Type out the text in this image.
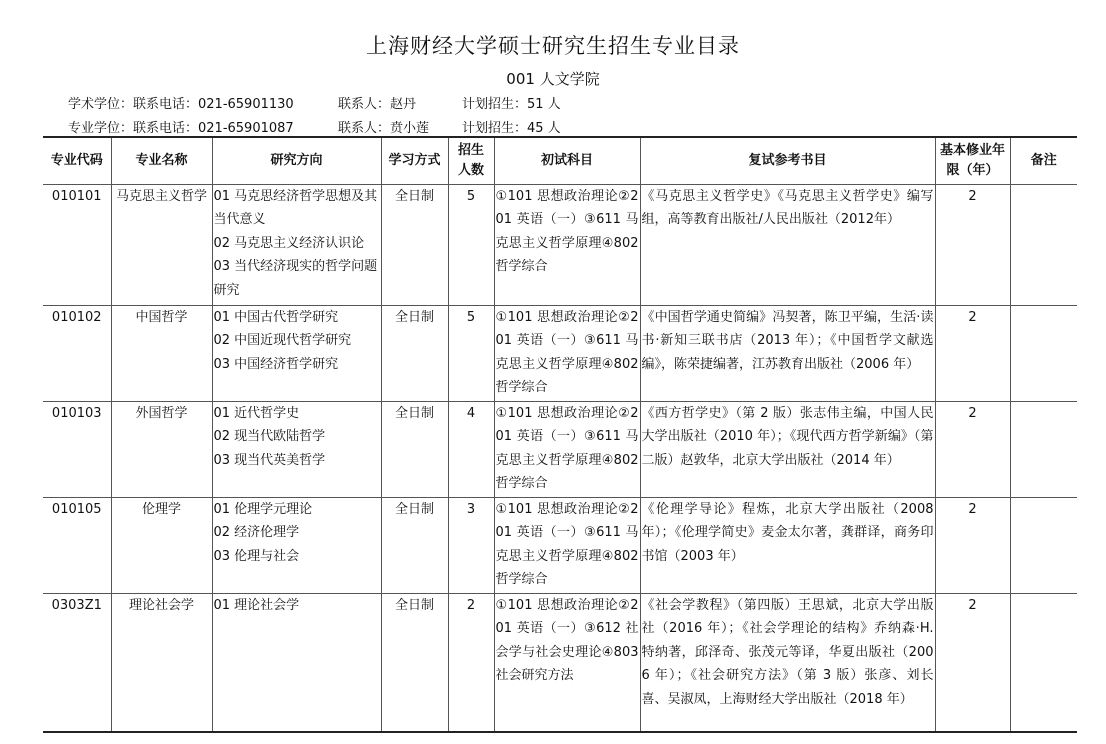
上海财经大学硕士研究生招生专业目录
001 人文学院
学术学位：联系电话：021-65901130	联系人：赵丹	计划招生：51 人
专业学位：联系电话：021-65901087	联系人：贲小莲	计划招生：45 人
专业代码	专业名称	研究方向	学习方式	招生 人数	初试科目	复试参考书目	基本修业年 限（年）	备注
010101	马克思主义哲学	01 马克思经济哲学思想及其当代意义
02 马克思主义经济认识论
03 当代经济现实的哲学问题研究	全日制	5	①101 思想政治理论②201 英语（一）③611 马克思主义哲学原理④802 哲学综合	《马克思主义哲学史》《马克思主义哲学史》编写组，高等教育出版社/人民出版社（2012年）	2	
010102	中国哲学	01 中国古代哲学研究
02 中国近现代哲学研究
03 中国经济哲学研究	全日制	5	①101 思想政治理论②201 英语（一）③611 马克思主义哲学原理④802 哲学综合	《中国哲学通史简编》冯契著，陈卫平编，生活·读书·新知三联书店（2013 年）；《中国哲学文献选编》，陈荣捷编著，江苏教育出版社（2006 年）	2	
010103	外国哲学	01 近代哲学史
02 现当代欧陆哲学
03 现当代英美哲学	全日制	4	①101 思想政治理论②201 英语（一）③611 马克思主义哲学原理④802 哲学综合	《西方哲学史》（第 2 版）张志伟主编，中国人民大学出版社（2010 年）；《现代西方哲学新编》（第二版）赵敦华，北京大学出版社（2014 年）	2	
010105	伦理学	01 伦理学元理论
02 经济伦理学
03 伦理与社会	全日制	3	①101 思想政治理论②201 英语（一）③611 马克思主义哲学原理④802 哲学综合	《伦理学导论》程炼，北京大学出版社（2008 年）；《伦理学简史》麦金太尔著，龚群译，商务印书馆（2003 年）	2	
0303Z1	理论社会学	01 理论社会学	全日制	2	①101 思想政治理论②201 英语（一）③612 社会学与社会史理论④803 社会研究方法	《社会学教程》（第四版）王思斌，北京大学出版社（2016 年）；《社会学理论的结构》乔纳森·H. 特纳著，邱泽奇、张茂元等译，华夏出版社（2006 年）；《社会研究方法》（第 3 版）张彦、刘长喜、吴淑凤，上海财经大学出版社（2018 年）	2	
